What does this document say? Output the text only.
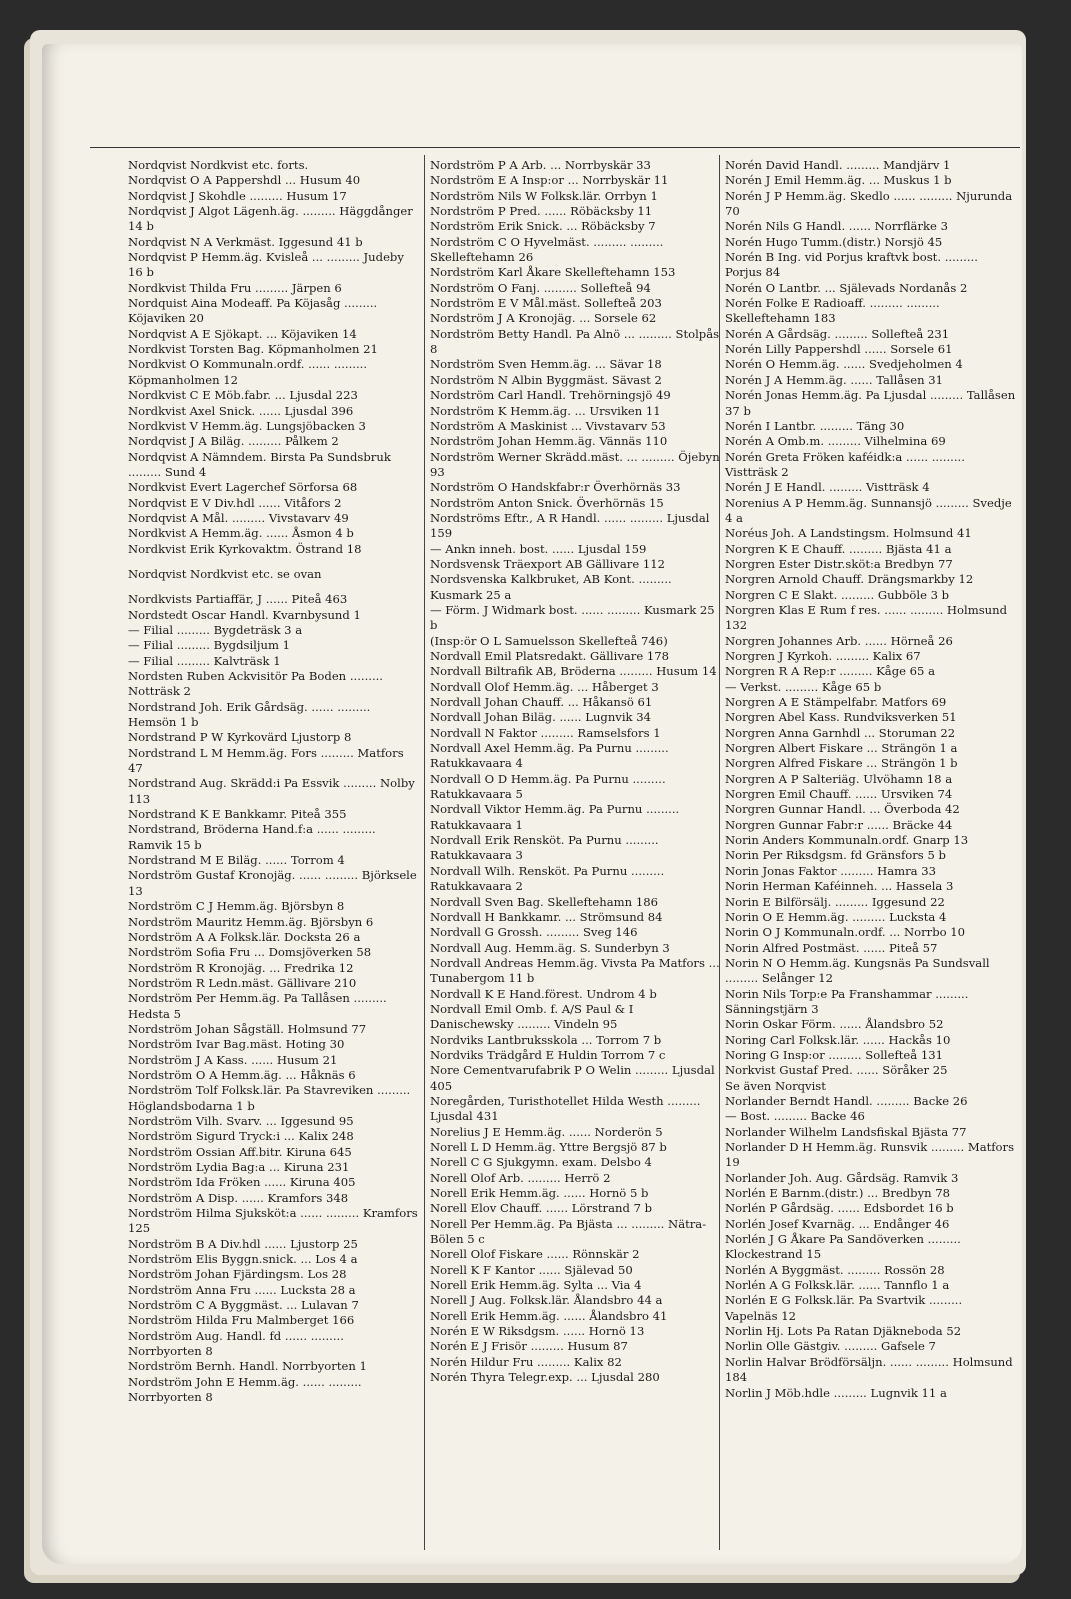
Nordqvist Nordkvist etc. forts.

Nordqvist O A Pappershdl ... Husum 40

Nordqvist J Skohdle ......... Husum 17

Nordqvist J Algot Lägenh.äg. ......... Häggdånger 14 b

Nordqvist N A Verkmäst. Iggesund 41 b

Nordqvist P Hemm.äg. Kvisleå ... ......... Judeby 16 b

Nordkvist Thilda Fru ......... Järpen 6

Nordquist Aina Modeaff. Pa Köjasåg ......... Köjaviken 20

Nordqvist A E Sjökapt. ... Köjaviken 14

Nordkvist Torsten Bag. Köpmanholmen 21

Nordkvist O Kommunaln.ordf. ...... ......... Köpmanholmen 12

Nordkvist C E Möb.fabr. ... Ljusdal 223

Nordkvist Axel Snick. ...... Ljusdal 396

Nordkvist V Hemm.äg. Lungsjöbacken 3

Nordqvist J A Biläg. ......... Pålkem 2

Nordqvist A Nämndem. Birsta Pa Sundsbruk ......... Sund 4

Nordkvist Evert Lagerchef Sörforsa 68

Nordqvist E V Div.hdl ...... Vitåfors 2

Nordqvist A Mål. ......... Vivstavarv 49

Nordkvist A Hemm.äg. ...... Åsmon 4 b

Nordkvist Erik Kyrkovaktm. Östrand 18

Nordqvist Nordkvist etc. se ovan

Nordkvists Partiaffär, J ...... Piteå 463

Nordstedt Oscar Handl. Kvarnbysund 1

— Filial ......... Bygdeträsk 3 a

— Filial ......... Bygdsiljum 1

— Filial ......... Kalvträsk 1

Nordsten Ruben Ackvisitör Pa Boden ......... Notträsk 2

Nordstrand Joh. Erik Gårdsäg. ...... ......... Hemsön 1 b

Nordstrand P W Kyrkovärd Ljustorp 8

Nordstrand L M Hemm.äg. Fors ......... Matfors 47

Nordstrand Aug. Skrädd:i Pa Essvik ......... Nolby 113

Nordstrand K E Bankkamr. Piteå 355

Nordstrand, Bröderna Hand.f:a ...... ......... Ramvik 15 b

Nordstrand M E Biläg. ...... Torrom 4

Nordström Gustaf Kronojäg. ...... ......... Björksele 13

Nordström C J Hemm.äg. Björsbyn 8

Nordström Mauritz Hemm.äg. Björsbyn 6

Nordström A A Folksk.lär. Docksta 26 a

Nordström Sofia Fru ... Domsjöverken 58

Nordström R Kronojäg. ... Fredrika 12

Nordström R Ledn.mäst. Gällivare 210

Nordström Per Hemm.äg. Pa Tallåsen ......... Hedsta 5

Nordström Johan Sågställ. Holmsund 77

Nordström Ivar Bag.mäst. Hoting 30

Nordström J A Kass. ...... Husum 21

Nordström O A Hemm.äg. ... Håknäs 6

Nordström Tolf Folksk.lär. Pa Stavreviken ......... Höglandsbodarna 1 b

Nordström Vilh. Svarv. ... Iggesund 95

Nordström Sigurd Tryck:i ... Kalix 248

Nordström Ossian Aff.bitr. Kiruna 645

Nordström Lydia Bag:a ... Kiruna 231

Nordström Ida Fröken ...... Kiruna 405

Nordström A Disp. ...... Kramfors 348

Nordström Hilma Sjuksköt:a ...... ......... Kramfors 125

Nordström B A Div.hdl ...... Ljustorp 25

Nordström Elis Byggn.snick. ... Los 4 a

Nordström Johan Fjärdingsm. Los 28

Nordström Anna Fru ...... Lucksta 28 a

Nordström C A Byggmäst. ... Lulavan 7

Nordström Hilda Fru Malmberget 166

Nordström Aug. Handl. fd ...... ......... Norrbyorten 8

Nordström Bernh. Handl. Norrbyorten 1

Nordström John E Hemm.äg. ...... ......... Norrbyorten 8

Nordström P A Arb. ... Norrbyskär 33

Nordström E A Insp:or ... Norrbyskär 11

Nordström Nils W Folksk.lär. Orrbyn 1

Nordström P Pred. ...... Röbäcksby 11

Nordström Erik Snick. ... Röbäcksby 7

Nordström C O Hyvelmäst. ......... ......... Skelleftehamn 26

Nordström Karl Åkare Skelleftehamn 153

Nordström O Fanj. ......... Sollefteå 94

Nordström E V Mål.mäst. Sollefteå 203

Nordström J A Kronojäg. ... Sorsele 62

Nordström Betty Handl. Pa Alnö ... ......... Stolpås 8

Nordström Sven Hemm.äg. ... Sävar 18

Nordström N Albin Byggmäst. Sävast 2

Nordström Carl Handl. Trehörningsjö 49

Nordström K Hemm.äg. ... Ursviken 11

Nordström A Maskinist ... Vivstavarv 53

Nordström Johan Hemm.äg. Vännäs 110

Nordström Werner Skrädd.mäst. ... ......... Öjebyn 93

Nordström O Handskfabr:r Överhörnäs 33

Nordström Anton Snick. Överhörnäs 15

Nordströms Eftr., A R Handl. ...... ......... Ljusdal 159

— Ankn inneh. bost. ...... Ljusdal 159

Nordsvensk Träexport AB Gällivare 112

Nordsvenska Kalkbruket, AB Kont. ......... Kusmark 25 a

— Förm. J Widmark bost. ...... ......... Kusmark 25 b

(Insp:ör O L Samuelsson Skellefteå 746)

Nordvall Emil Platsredakt. Gällivare 178

Nordvall Biltrafik AB, Bröderna ......... Husum 14

Nordvall Olof Hemm.äg. ... Håberget 3

Nordvall Johan Chauff. ... Håkansö 61

Nordvall Johan Biläg. ...... Lugnvik 34

Nordvall N Faktor ......... Ramselsfors 1

Nordvall Axel Hemm.äg. Pa Purnu ......... Ratukkavaara 4

Nordvall O D Hemm.äg. Pa Purnu ......... Ratukkavaara 5

Nordvall Viktor Hemm.äg. Pa Purnu ......... Ratukkavaara 1

Nordvall Erik Rensköt. Pa Purnu ......... Ratukkavaara 3

Nordvall Wilh. Rensköt. Pa Purnu ......... Ratukkavaara 2

Nordvall Sven Bag. Skelleftehamn 186

Nordvall H Bankkamr. ... Strömsund 84

Nordvall G Grossh. ......... Sveg 146

Nordvall Aug. Hemm.äg. S. Sunderbyn 3

Nordvall Andreas Hemm.äg. Vivsta Pa Matfors ... Tunabergom 11 b

Nordvall K E Hand.förest. Undrom 4 b

Nordvall Emil Omb. f. A/S Paul & I Danischewsky ......... Vindeln 95

Nordviks Lantbruksskola ... Torrom 7 b

Nordviks Trädgård E Huldin Torrom 7 c

Nore Cementvarufabrik P O Welin ......... Ljusdal 405

Noregården, Turisthotellet Hilda Westh ......... Ljusdal 431

Norelius J E Hemm.äg. ...... Norderön 5

Norell L D Hemm.äg. Yttre Bergsjö 87 b

Norell C G Sjukgymn. exam. Delsbo 4

Norell Olof Arb. ......... Herrö 2

Norell Erik Hemm.äg. ...... Hornö 5 b

Norell Elov Chauff. ...... Lörstrand 7 b

Norell Per Hemm.äg. Pa Bjästa ... ......... Nätra-Bölen 5 c

Norell Olof Fiskare ...... Rönnskär 2

Norell K F Kantor ...... Själevad 50

Norell Erik Hemm.äg. Sylta ... Via 4

Norell J Aug. Folksk.lär. Ålandsbro 44 a

Norell Erik Hemm.äg. ...... Ålandsbro 41

Norén E W Riksdgsm. ...... Hornö 13

Norén E J Frisör ......... Husum 87

Norén Hildur Fru ......... Kalix 82

Norén Thyra Telegr.exp. ... Ljusdal 280

Norén David Handl. ......... Mandjärv 1

Norén J Emil Hemm.äg. ... Muskus 1 b

Norén J P Hemm.äg. Skedlo ...... ......... Njurunda 70

Norén Nils G Handl. ...... Norrflärke 3

Norén Hugo Tumm.(distr.) Norsjö 45

Norén B Ing. vid Porjus kraftvk bost. ......... Porjus 84

Norén O Lantbr. ... Själevads Nordanås 2

Norén Folke E Radioaff. ......... ......... Skelleftehamn 183

Norén A Gårdsäg. ......... Sollefteå 231

Norén Lilly Pappershdl ...... Sorsele 61

Norén O Hemm.äg. ...... Svedjeholmen 4

Norén J A Hemm.äg. ...... Tallåsen 31

Norén Jonas Hemm.äg. Pa Ljusdal ......... Tallåsen 37 b

Norén I Lantbr. ......... Täng 30

Norén A Omb.m. ......... Vilhelmina 69

Norén Greta Fröken kaféidk:a ...... ......... Vistträsk 2

Norén J E Handl. ......... Vistträsk 4

Norenius A P Hemm.äg. Sunnansjö ......... Svedje 4 a

Noréus Joh. A Landstingsm. Holmsund 41

Norgren K E Chauff. ......... Bjästa 41 a

Norgren Ester Distr.sköt:a Bredbyn 77

Norgren Arnold Chauff. Drängsmarkby 12

Norgren C E Slakt. ......... Gubböle 3 b

Norgren Klas E Rum f res. ...... ......... Holmsund 132

Norgren Johannes Arb. ...... Hörneå 26

Norgren J Kyrkoh. ......... Kalix 67

Norgren R A Rep:r ......... Kåge 65 a

— Verkst. ......... Kåge 65 b

Norgren A E Stämpelfabr. Matfors 69

Norgren Abel Kass. Rundviksverken 51

Norgren Anna Garnhdl ... Storuman 22

Norgren Albert Fiskare ... Strängön 1 a

Norgren Alfred Fiskare ... Strängön 1 b

Norgren A P Salteriäg. Ulvöhamn 18 a

Norgren Emil Chauff. ...... Ursviken 74

Norgren Gunnar Handl. ... Överboda 42

Norgren Gunnar Fabr:r ...... Bräcke 44

Norin Anders Kommunaln.ordf. Gnarp 13

Norin Per Riksdgsm. fd Gränsfors 5 b

Norin Jonas Faktor ......... Hamra 33

Norin Herman Kaféinneh. ... Hassela 3

Norin E Bilförsälj. ......... Iggesund 22

Norin O E Hemm.äg. ......... Lucksta 4

Norin O J Kommunaln.ordf. ... Norrbo 10

Norin Alfred Postmäst. ...... Piteå 57

Norin N O Hemm.äg. Kungsnäs Pa Sundsvall ......... Selånger 12

Norin Nils Torp:e Pa Franshammar ......... Sänningstjärn 3

Norin Oskar Förm. ...... Ålandsbro 52

Noring Carl Folksk.lär. ...... Hackås 10

Noring G Insp:or ......... Sollefteå 131

Norkvist Gustaf Pred. ...... Söråker 25

Se även Norqvist

Norlander Berndt Handl. ......... Backe 26

— Bost. ......... Backe 46

Norlander Wilhelm Landsfiskal Bjästa 77

Norlander D H Hemm.äg. Runsvik ......... Matfors 19

Norlander Joh. Aug. Gårdsäg. Ramvik 3

Norlén E Barnm.(distr.) ... Bredbyn 78

Norlén P Gårdsäg. ...... Edsbordet 16 b

Norlén Josef Kvarnäg. ... Endånger 46

Norlén J G Åkare Pa Sandöverken ......... Klockestrand 15

Norlén A Byggmäst. ......... Rossön 28

Norlén A G Folksk.lär. ...... Tannflo 1 a

Norlén E G Folksk.lär. Pa Svartvik ......... Vapelnäs 12

Norlin Hj. Lots Pa Ratan Djäkneboda 52

Norlin Olle Gästgiv. ......... Gafsele 7

Norlin Halvar Brödförsäljn. ...... ......... Holmsund 184

Norlin J Möb.hdle ......... Lugnvik 11 a
